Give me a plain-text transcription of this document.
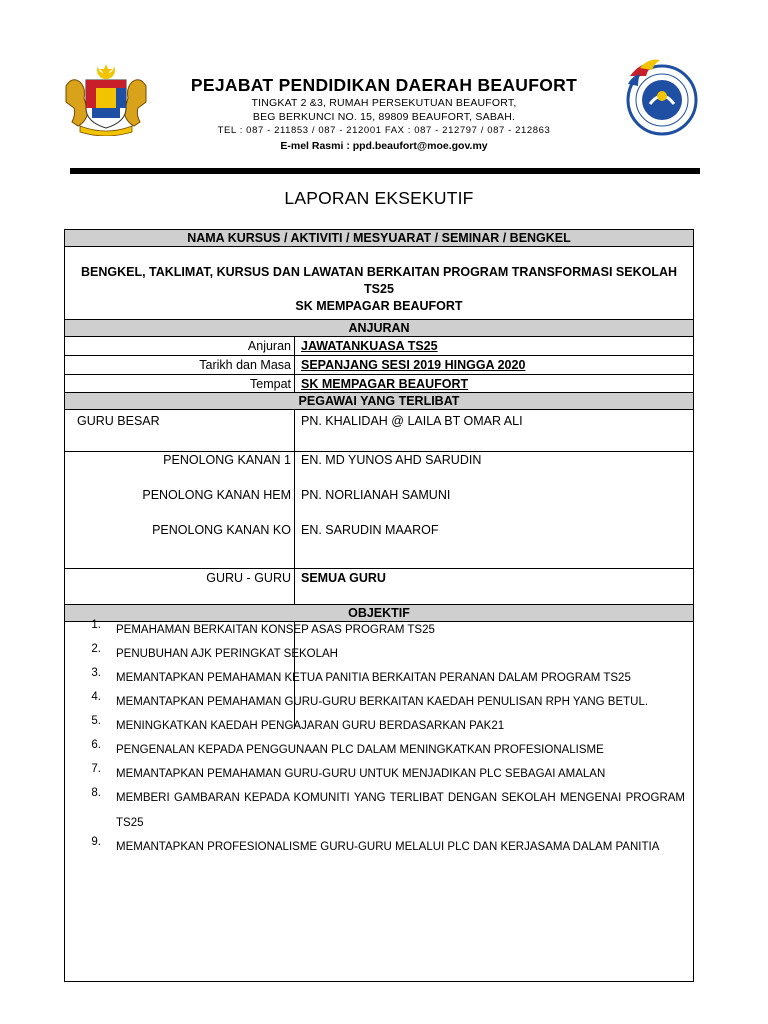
PEJABAT PENDIDIKAN DAERAH BEAUFORT
TINGKAT 2 &3, RUMAH PERSEKUTUAN BEAUFORT,
BEG BERKUNCI NO. 15, 89809 BEAUFORT, SABAH.
TEL : 087 - 211853 / 087 - 212001 FAX : 087 - 212797 / 087 - 212863
E-mel Rasmi : ppd.beaufort@moe.gov.my
LAPORAN EKSEKUTIF
NAMA KURSUS / AKTIVITI / MESYUARAT / SEMINAR / BENGKEL
BENGKEL, TAKLIMAT, KURSUS DAN LAWATAN BERKAITAN PROGRAM TRANSFORMASI SEKOLAH TS25
SK MEMPAGAR BEAUFORT
ANJURAN
Anjuran JAWATANKUASA TS25
Tarikh dan Masa SEPANJANG SESI 2019 HINGGA 2020
Tempat SK MEMPAGAR BEAUFORT
PEGAWAI YANG TERLIBAT
GURU BESAR	PN. KHALIDAH @ LAILA BT OMAR ALI
PENOLONG KANAN 1 EN. MD YUNOS AHD SARUDIN
PENOLONG KANAN HEM PN. NORLIANAH SAMUNI
PENOLONG KANAN KO EN. SARUDIN MAAROF
GURU - GURU SEMUA GURU
OBJEKTIF
1. PEMAHAMAN BERKAITAN KONSEP ASAS PROGRAM TS25
2. PENUBUHAN AJK PERINGKAT SEKOLAH
3. MEMANTAPKAN PEMAHAMAN KETUA PANITIA BERKAITAN PERANAN DALAM PROGRAM TS25
4. MEMANTAPKAN PEMAHAMAN GURU-GURU BERKAITAN KAEDAH PENULISAN RPH YANG BETUL.
5. MENINGKATKAN KAEDAH PENGAJARAN GURU BERDASARKAN PAK21
6. PENGENALAN KEPADA PENGGUNAAN PLC DALAM MENINGKATKAN PROFESIONALISME
7. MEMANTAPKAN PEMAHAMAN GURU-GURU UNTUK MENJADIKAN PLC SEBAGAI AMALAN
8. MEMBERI GAMBARAN KEPADA KOMUNITI YANG TERLIBAT DENGAN SEKOLAH MENGENAI PROGRAM
TS25
9. MEMANTAPKAN PROFESIONALISME GURU-GURU MELALUI PLC DAN KERJASAMA DALAM PANITIA
